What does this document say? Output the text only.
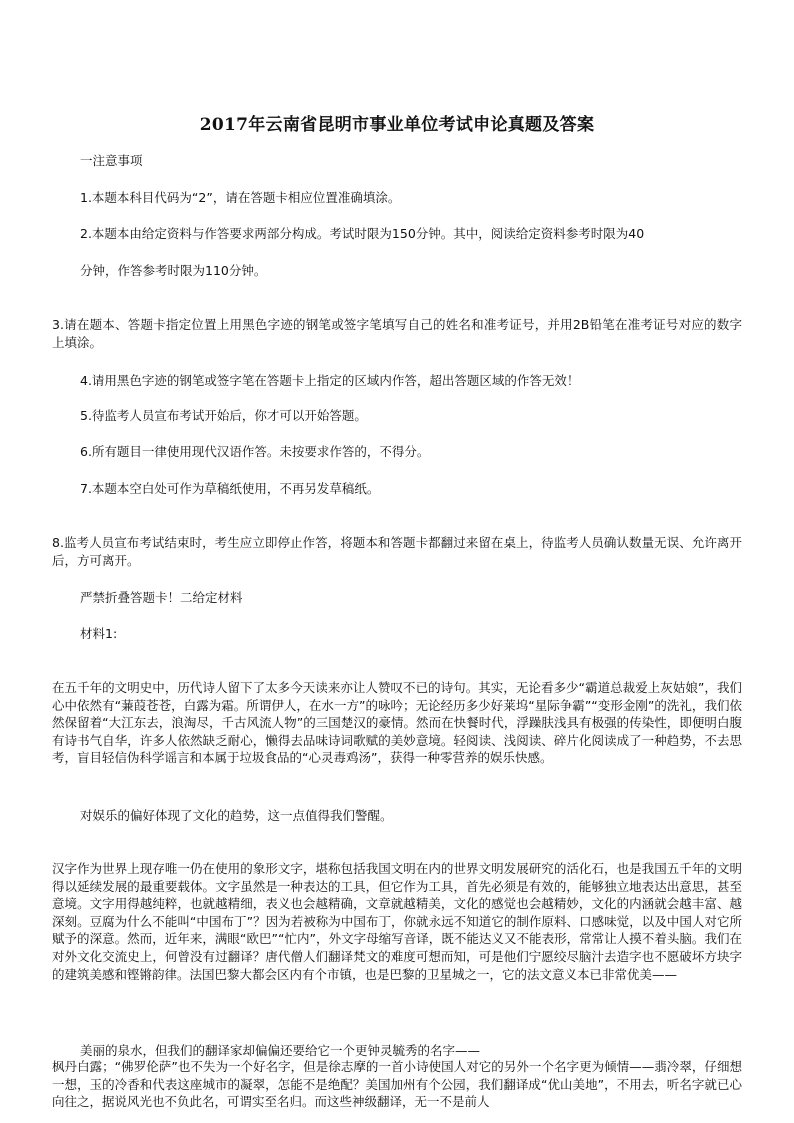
2017年云南省昆明市事业单位考试申论真题及答案
一注意事项
1.本题本科目代码为“2”，请在答题卡相应位置准确填涂。
2.本题本由给定资料与作答要求两部分构成。考试时限为150分钟。其中，阅读给定资料参考时限为40
分钟，作答参考时限为110分钟。
3.请在题本、答题卡指定位置上用黑色字迹的钢笔或签字笔填写自己的姓名和准考证号，并用2B铅笔在准考证号对应的数字上填涂。
4.请用黑色字迹的钢笔或签字笔在答题卡上指定的区域内作答，超出答题区域的作答无效！
5.待监考人员宣布考试开始后，你才可以开始答题。
6.所有题目一律使用现代汉语作答。未按要求作答的，不得分。
7.本题本空白处可作为草稿纸使用，不再另发草稿纸。
8.监考人员宣布考试结束时，考生应立即停止作答，将题本和答题卡都翻过来留在桌上，待监考人员确认数量无误、允许离开后，方可离开。
严禁折叠答题卡！二给定材料
材料1:
在五千年的文明史中，历代诗人留下了太多今天读来亦让人赞叹不已的诗句。其实，无论看多少“霸道总裁爱上灰姑娘”，我们心中依然有“蒹葭苍苍，白露为霜。所谓伊人，在水一方”的咏吟；无论经历多少好莱坞“星际争霸”“变形金刚”的洗礼，我们依然保留着“大江东去，浪淘尽，千古风流人物”的三国楚汉的豪情。然而在快餐时代，浮躁肤浅具有极强的传染性，即便明白腹有诗书气自华，许多人依然缺乏耐心，懒得去品味诗词歌赋的美妙意境。轻阅读、浅阅读、碎片化阅读成了一种趋势，不去思考，盲目轻信伪科学谣言和本属于垃圾食品的“心灵毒鸡汤”，获得一种零营养的娱乐快感。
对娱乐的偏好体现了文化的趋势，这一点值得我们警醒。
汉字作为世界上现存唯一仍在使用的象形文字，堪称包括我国文明在内的世界文明发展研究的活化石，也是我国五千年的文明得以延续发展的最重要载体。文字虽然是一种表达的工具，但它作为工具，首先必须是有效的，能够独立地表达出意思，甚至意境。文字用得越纯粹，也就越精细，表义也会越精确，文章就越精美，文化的感觉也会越精妙，文化的内涵就会越丰富、越深刻。豆腐为什么不能叫“中国布丁”？因为若被称为中国布丁，你就永远不知道它的制作原料、口感味觉，以及中国人对它所赋予的深意。然而，近年来，满眼“欧巴”“忙内”，外文字母缩写音译，既不能达义又不能表形，常常让人摸不着头脑。我们在对外文化交流史上，何曾没有过翻译？唐代僧人们翻译梵文的难度可想而知，可是他们宁愿绞尽脑汁去造字也不愿破坏方块字的建筑美感和铿锵韵律。法国巴黎大都会区内有个市镇，也是巴黎的卫星城之一，它的法文意义本已非常优美——
美丽的泉水，但我们的翻译家却偏偏还要给它一个更钟灵毓秀的名字——
枫丹白露；“佛罗伦萨”也不失为一个好名字，但是徐志摩的一首小诗使国人对它的另外一个名字更为倾情——翡冷翠，仔细想一想，玉的冷香和代表这座城市的凝翠，怎能不是绝配？美国加州有个公园，我们翻译成“优山美地”，不用去，听名字就已心向往之，据说风光也不负此名，可谓实至名归。而这些神级翻译，无一不是前人
